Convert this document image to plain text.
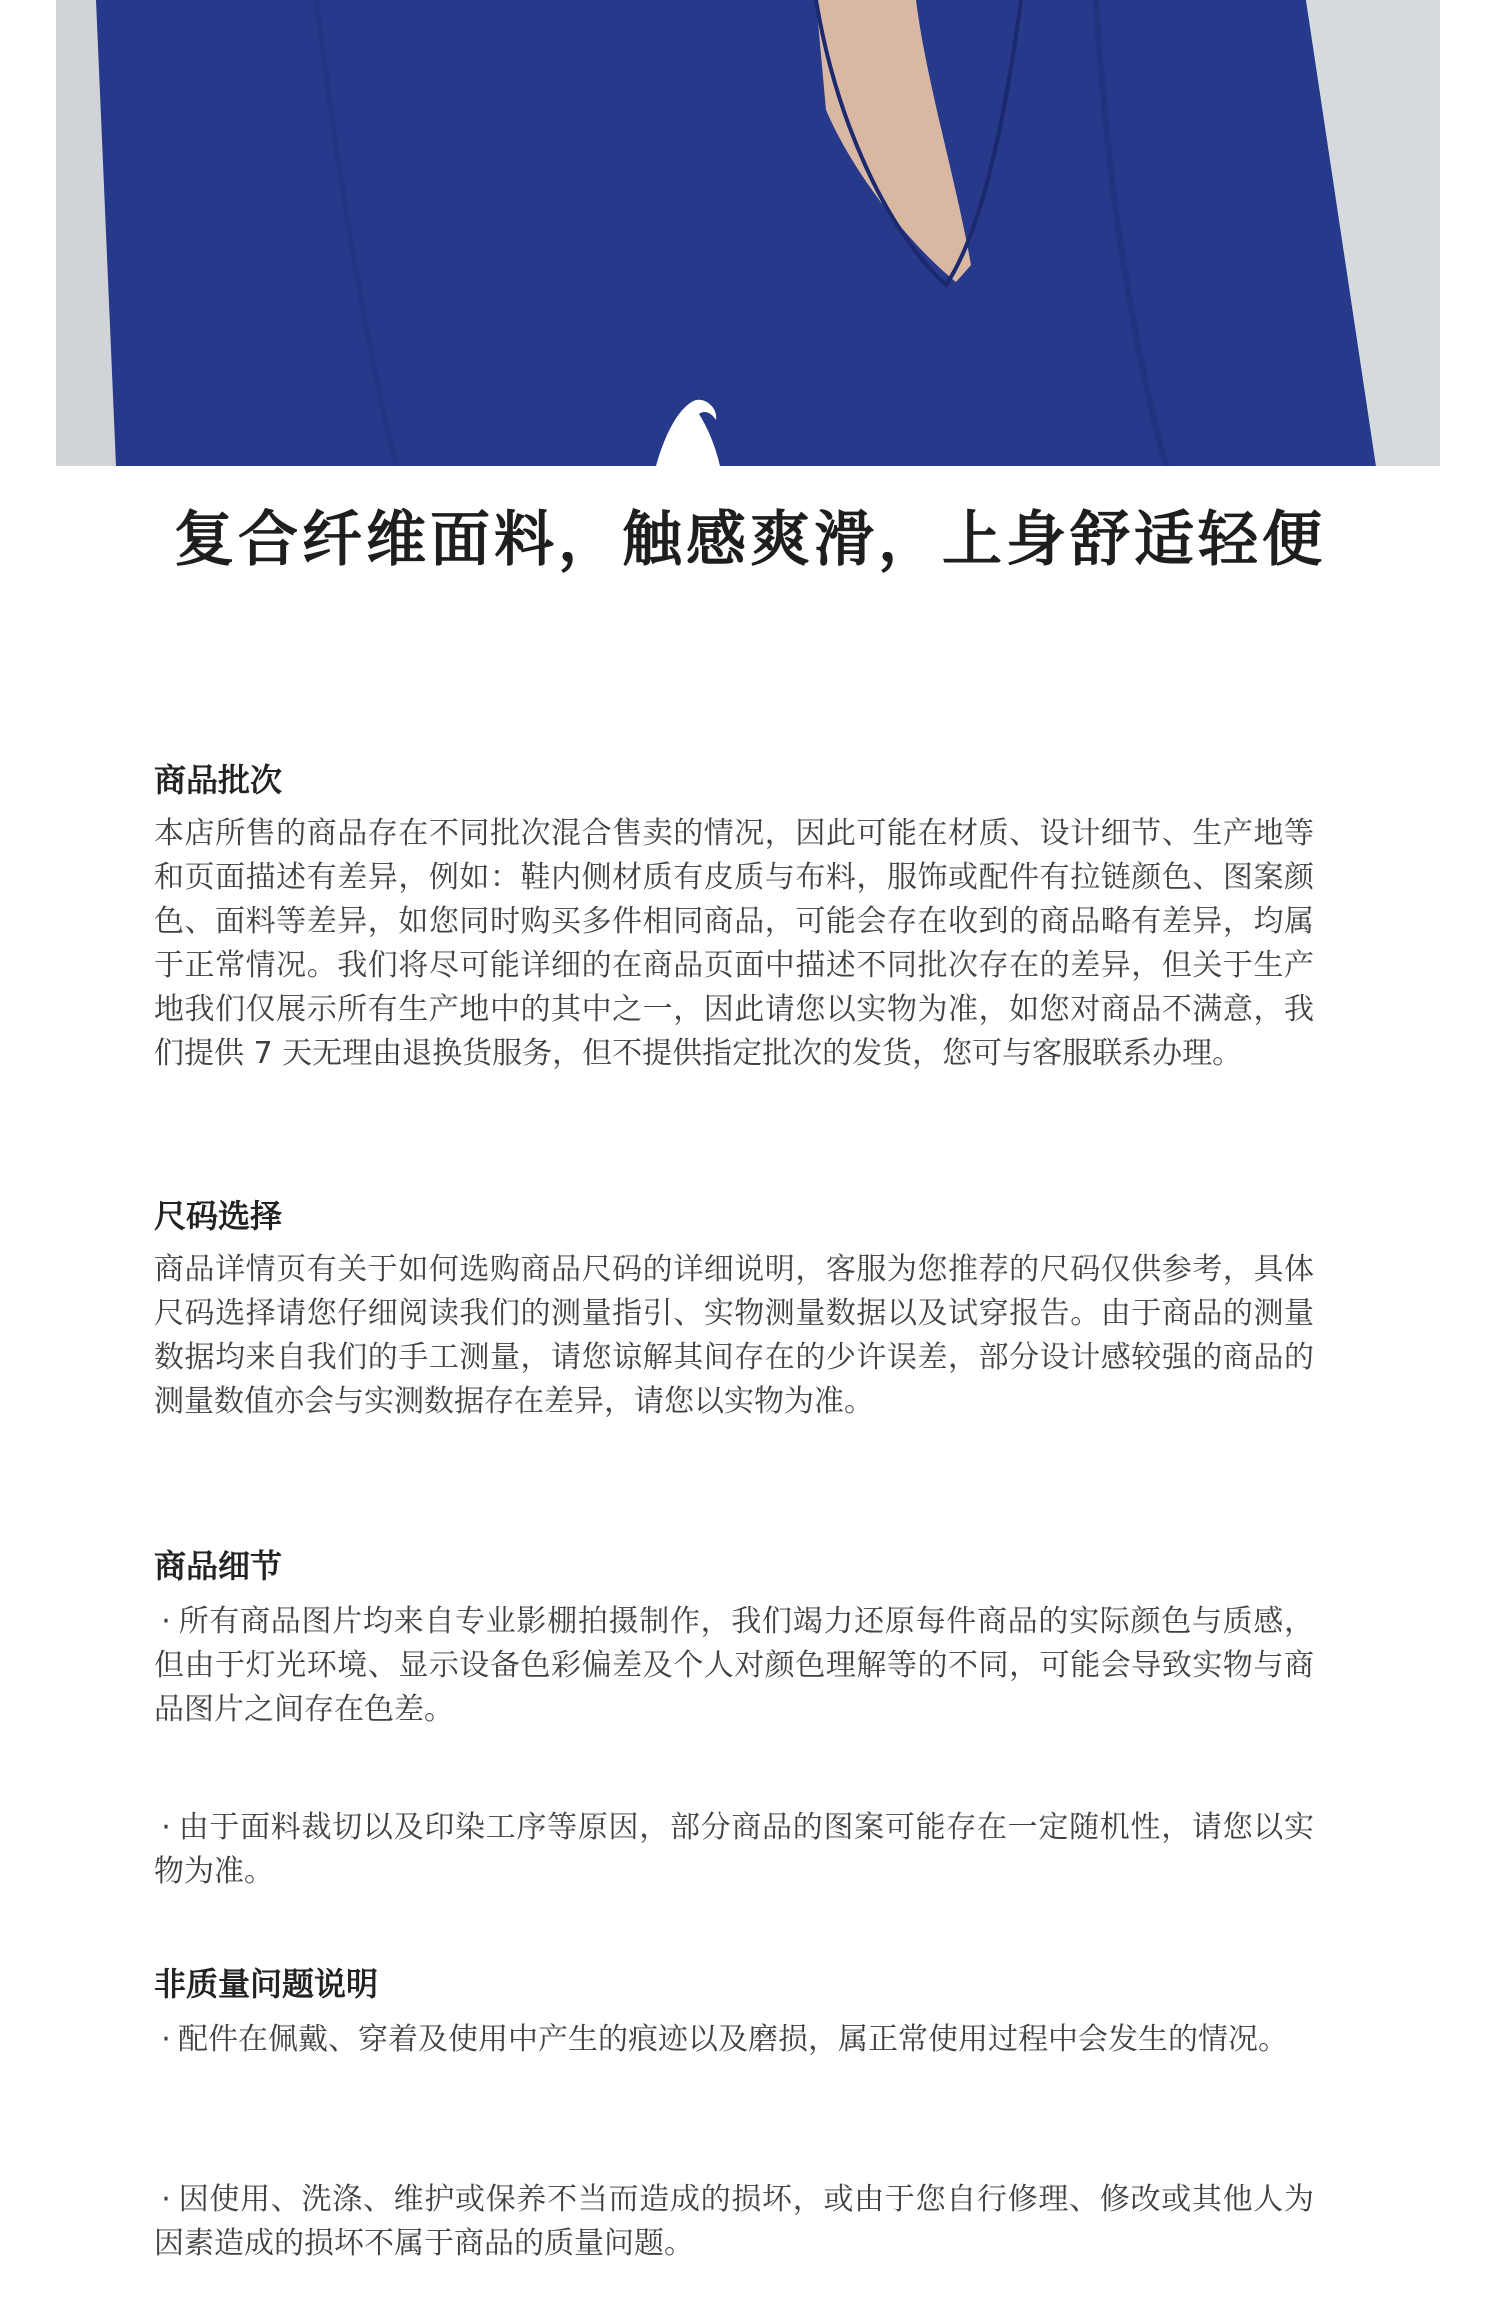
复合纤维面料，触感爽滑，上身舒适轻便
商品批次

本店所售的商品存在不同批次混合售卖的情况，因此可能在材质、设计细节、生产地等和页面描述有差异，例如：鞋内侧材质有皮质与布料，服饰或配件有拉链颜色、图案颜色、面料等差异，如您同时购买多件相同商品，可能会存在收到的商品略有差异，均属于正常情况。我们将尽可能详细的在商品页面中描述不同批次存在的差异，但关于生产地我们仅展示所有生产地中的其中之一，因此请您以实物为准，如您对商品不满意，我们提供 7 天无理由退换货服务，但不提供指定批次的发货，您可与客服联系办理。

尺码选择

商品详情页有关于如何选购商品尺码的详细说明，客服为您推荐的尺码仅供参考，具体尺码选择请您仔细阅读我们的测量指引、实物测量数据以及试穿报告。由于商品的测量数据均来自我们的手工测量，请您谅解其间存在的少许误差，部分设计感较强的商品的测量数值亦会与实测数据存在差异，请您以实物为准。

商品细节

· 所有商品图片均来自专业影棚拍摄制作，我们竭力还原每件商品的实际颜色与质感，但由于灯光环境、显示设备色彩偏差及个人对颜色理解等的不同，可能会导致实物与商品图片之间存在色差。

· 由于面料裁切以及印染工序等原因，部分商品的图案可能存在一定随机性，请您以实物为准。

非质量问题说明

· 配件在佩戴、穿着及使用中产生的痕迹以及磨损，属正常使用过程中会发生的情况。

· 因使用、洗涤、维护或保养不当而造成的损坏，或由于您自行修理、修改或其他人为因素造成的损坏不属于商品的质量问题。
